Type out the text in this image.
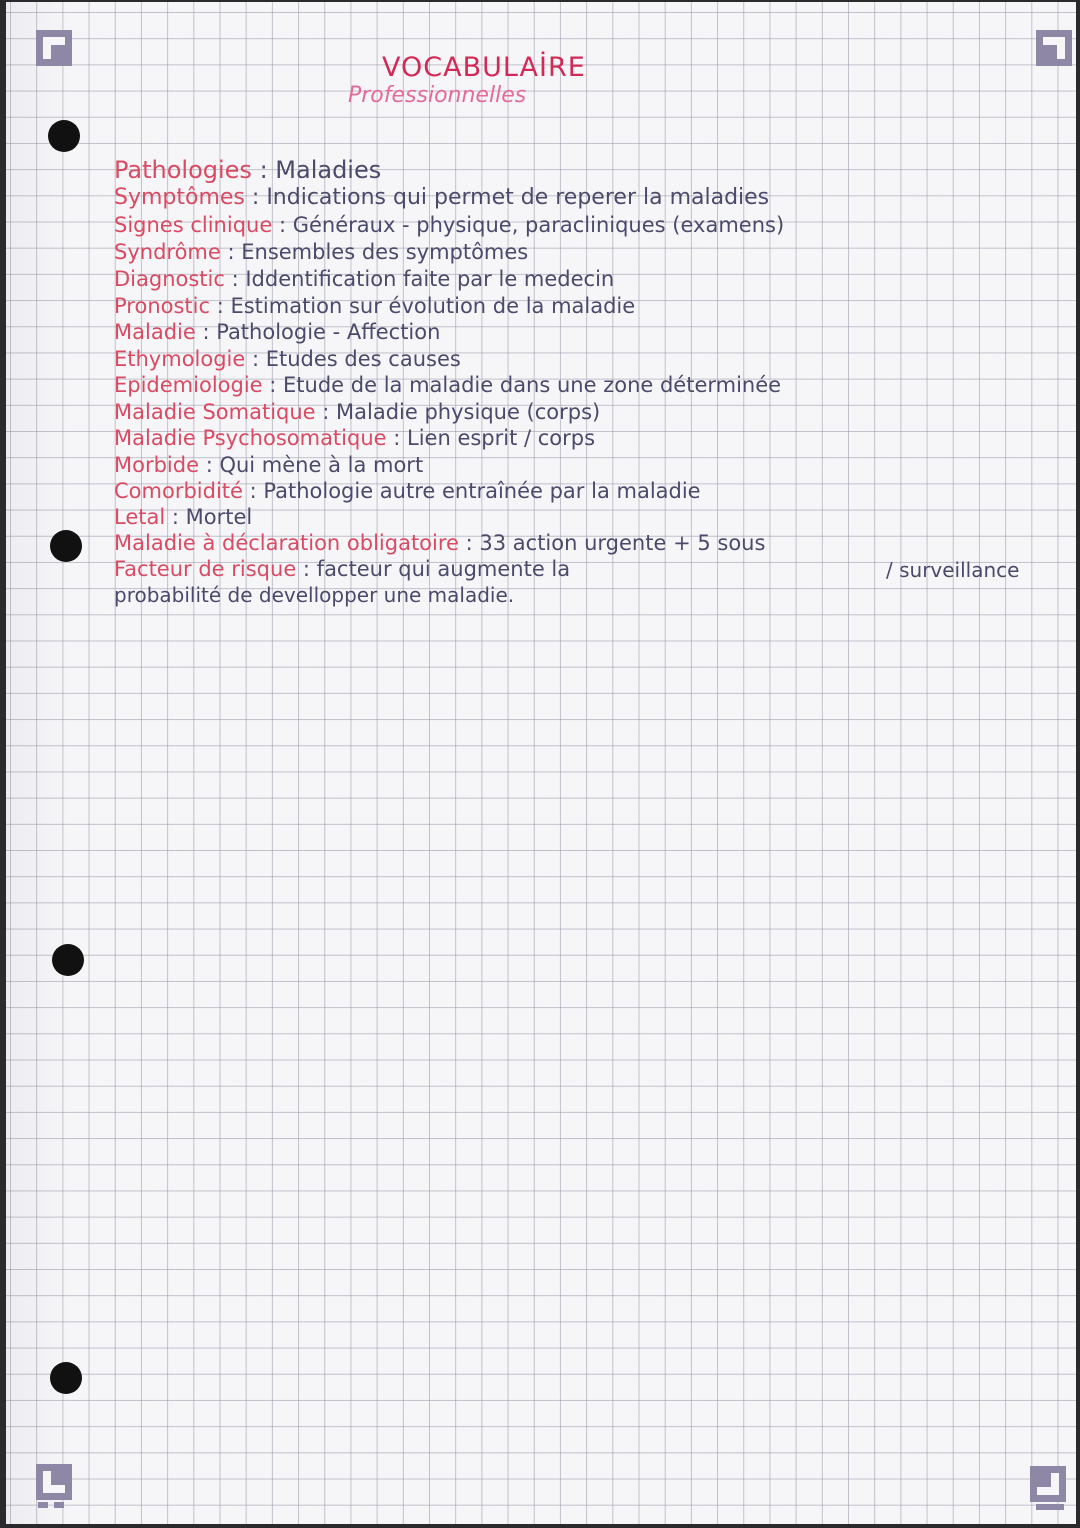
VOCABULAİRE
Professionnelles
Pathologies : Maladies
Symptômes : Indications qui permet de reperer la maladies
Signes clinique : Généraux - physique, paracliniques (examens)
Syndrôme : Ensembles des symptômes
Diagnostic : Iddentification faite par le medecin
Pronostic : Estimation sur évolution de la maladie
Maladie : Pathologie - Affection
Ethymologie : Etudes des causes
Epidemiologie : Etude de la maladie dans une zone déterminée
Maladie Somatique : Maladie physique (corps)
Maladie Psychosomatique : Lien esprit / corps
Morbide : Qui mène à la mort
Comorbidité : Pathologie autre entraînée par la maladie
Letal : Mortel
Maladie à déclaration obligatoire : 33 action urgente + 5 sous
Facteur de risque : facteur qui augmente la	/ surveillance
probabilité de devellopper une maladie.
